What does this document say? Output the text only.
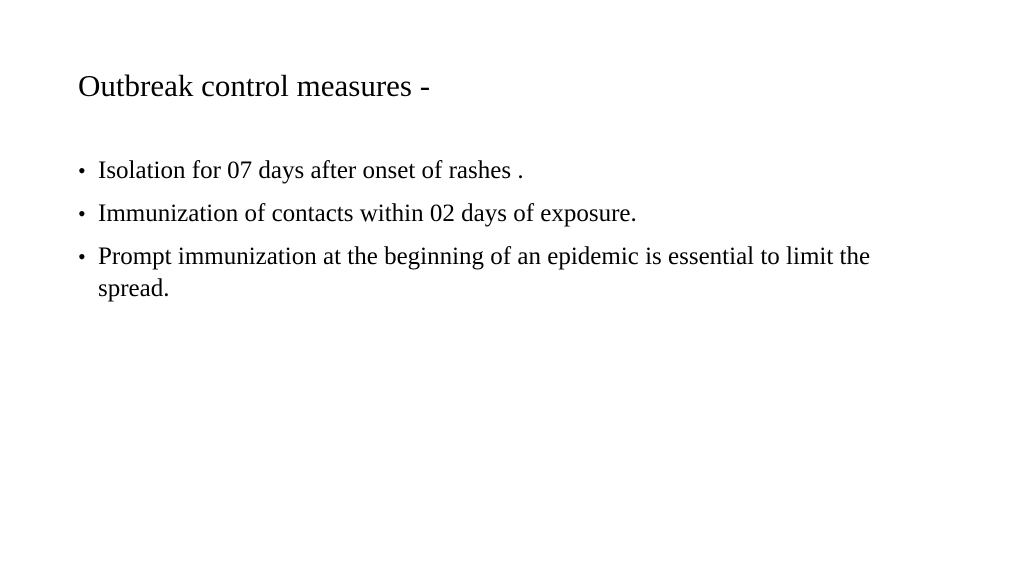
Outbreak control measures -
• Isolation for 07 days after onset of rashes .
• Immunization of contacts within 02 days of exposure.
• Prompt immunization at the beginning of an epidemic is essential to limit the spread.
